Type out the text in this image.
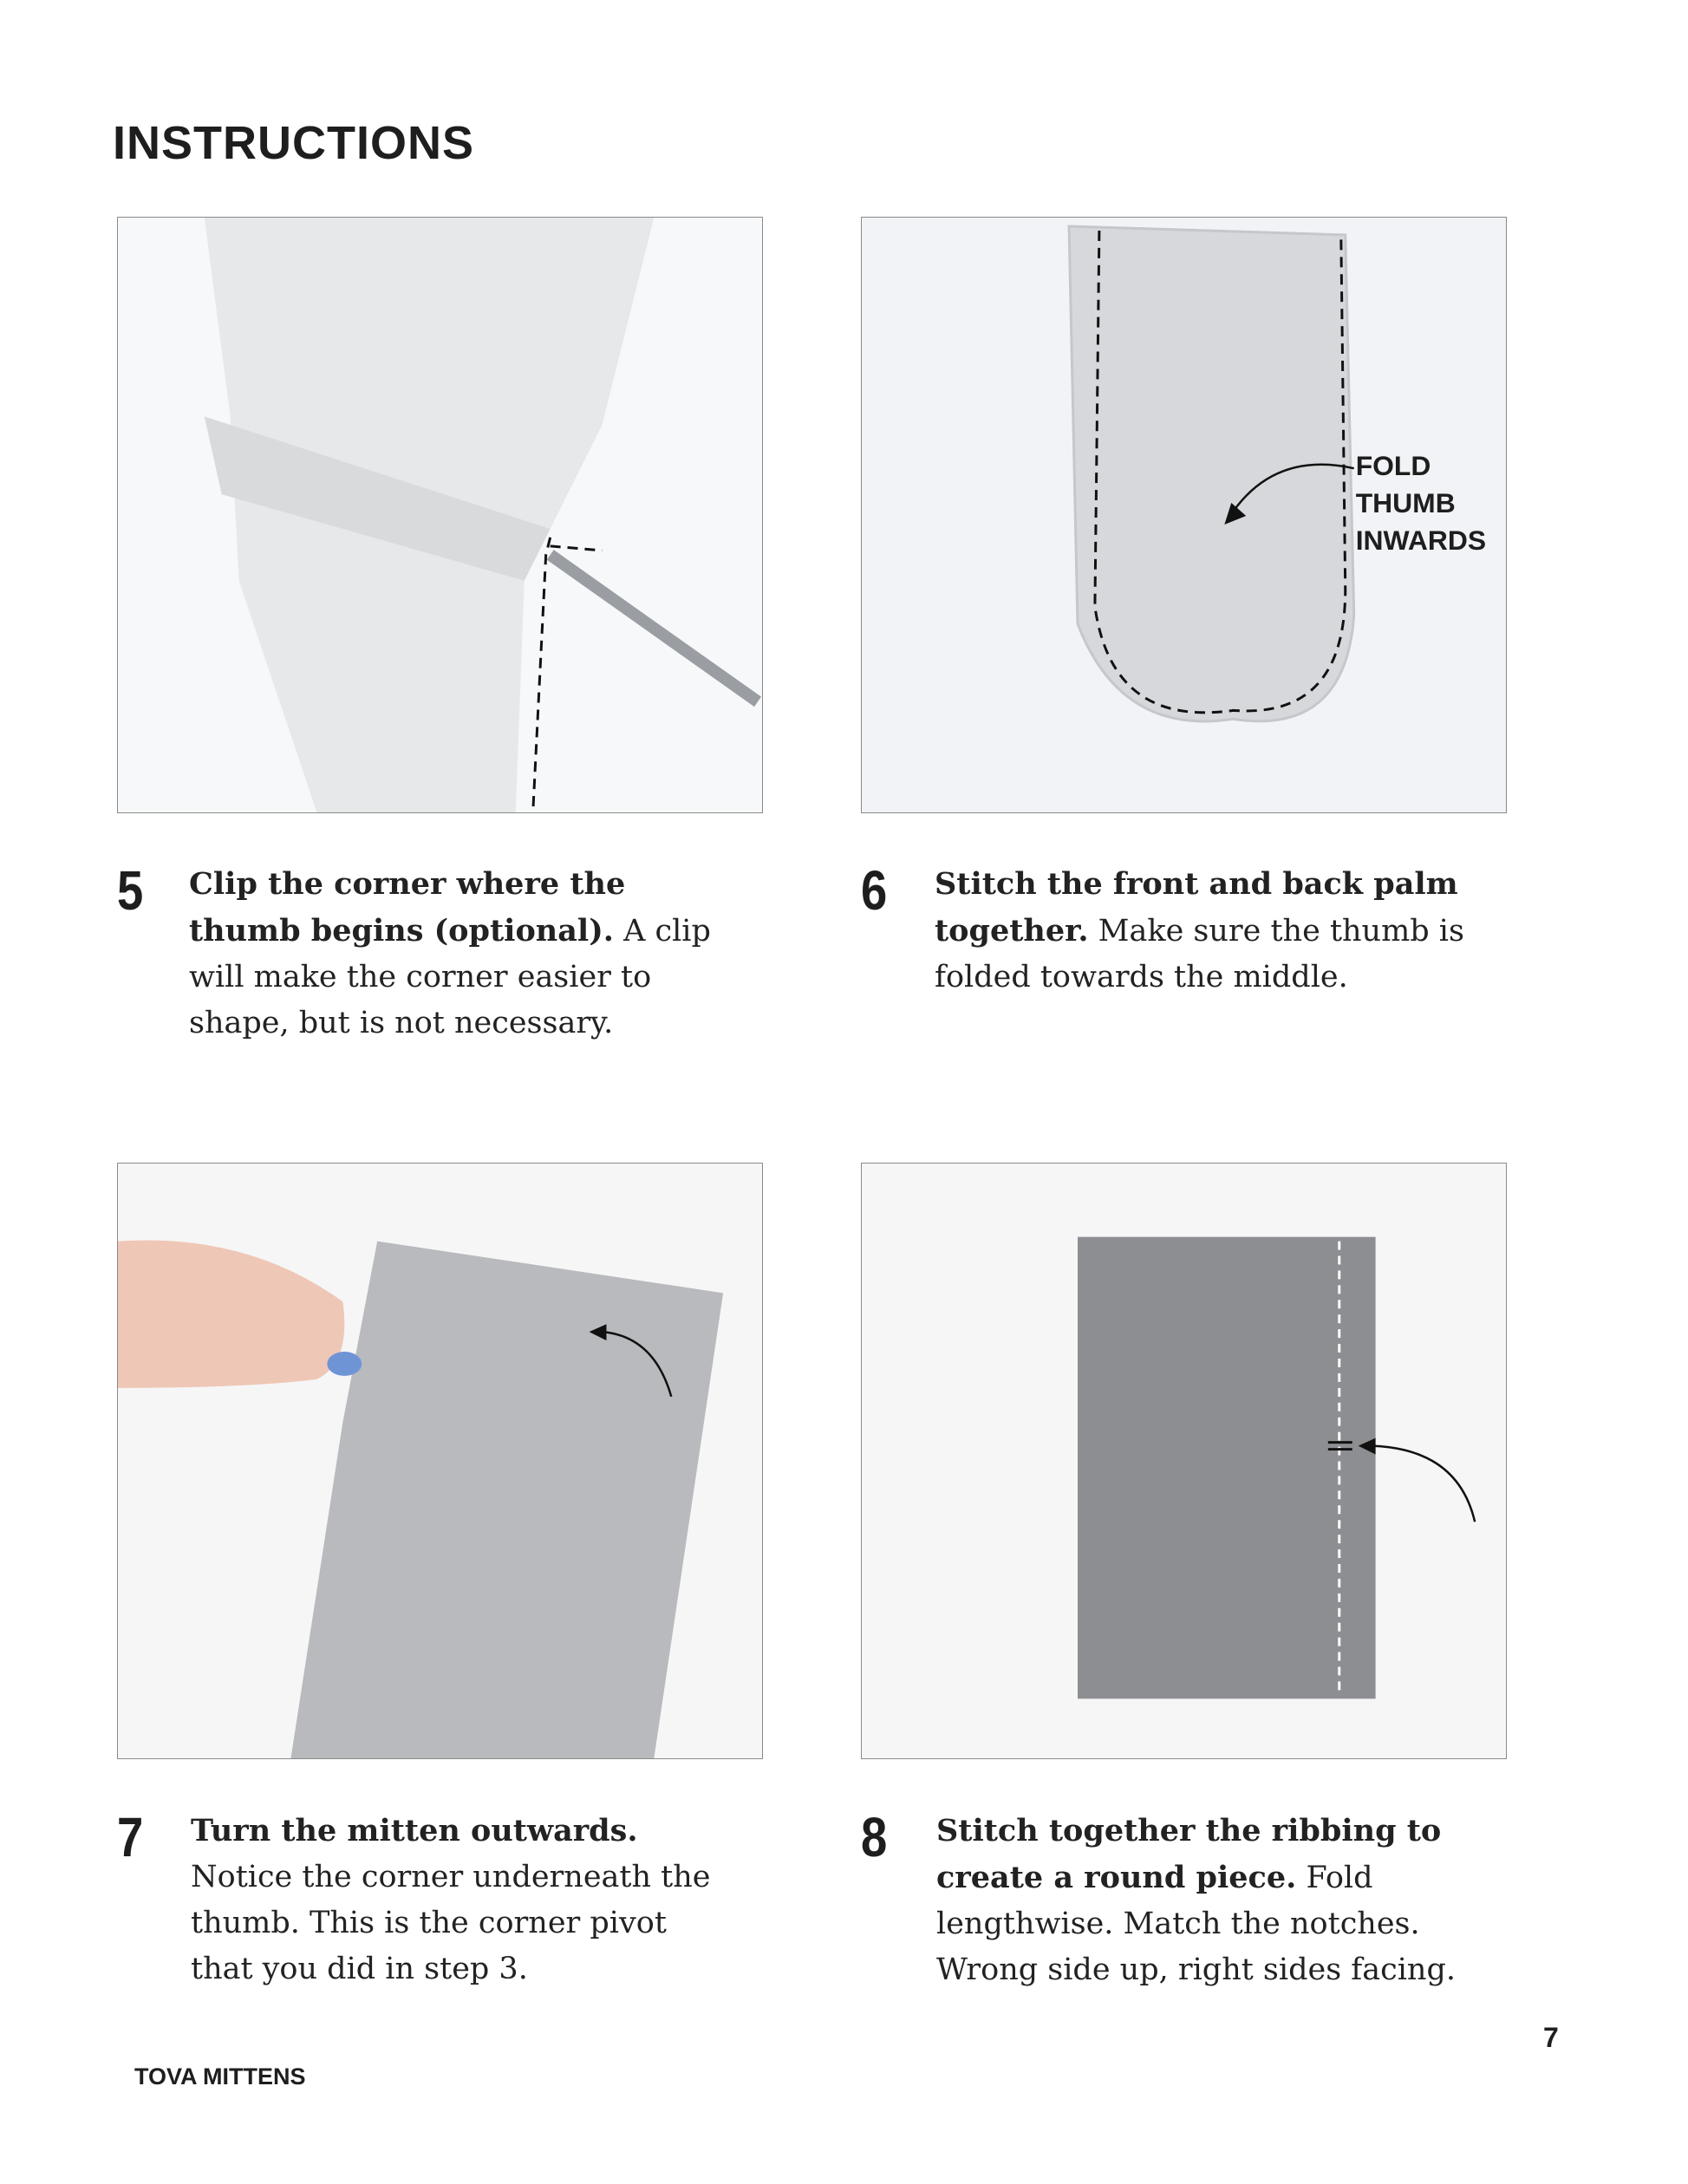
INSTRUCTIONS
FOLD
THUMB
INWARDS
5 Clip the corner where the thumb begins (optional). A clip will make the corner easier to shape, but is not necessary.
6 Stitch the front and back palm together. Make sure the thumb is folded towards the middle.
7 Turn the mitten outwards. Notice the corner underneath the thumb. This is the corner pivot that you did in step 3.
8 Stitch together the ribbing to create a round piece. Fold lengthwise. Match the notches. Wrong side up, right sides facing.
7
TOVA MITTENS
